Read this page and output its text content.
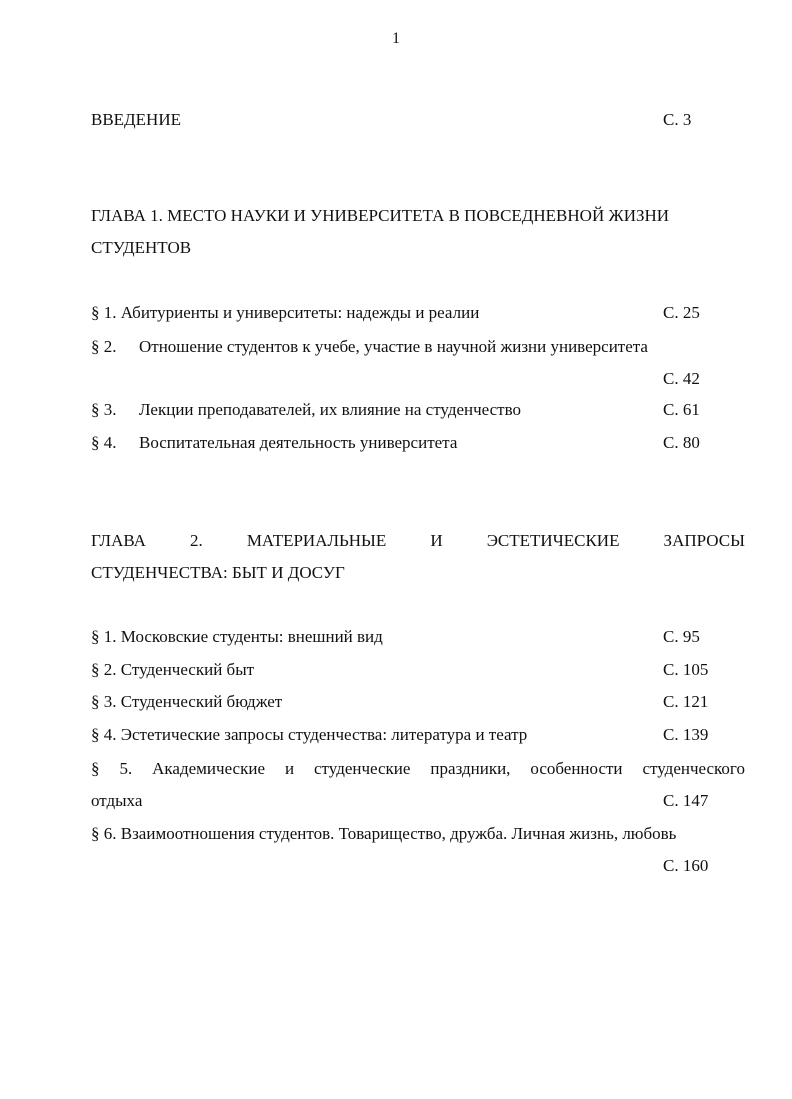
1
ВВЕДЕНИЕ	С. 3
ГЛАВА 1. МЕСТО НАУКИ И УНИВЕРСИТЕТА В ПОВСЕДНЕВНОЙ ЖИЗНИ
СТУДЕНТОВ
§ 1. Абитуриенты и университеты: надежды и реалии	С. 25
§ 2. Отношение студентов к учебе, участие в научной жизни университета
С. 42
§ 3. Лекции преподавателей, их влияние на студенчество	С. 61
§ 4. Воспитательная деятельность университета	С. 80
ГЛАВА	2.	МАТЕРИАЛЬНЫЕ	И	ЭСТЕТИЧЕСКИЕ	ЗАПРОСЫ
СТУДЕНЧЕСТВА: БЫТ И ДОСУГ
§ 1. Московские студенты: внешний вид	С. 95
§ 2. Студенческий быт	С. 105
§ 3. Студенческий бюджет	С. 121
§ 4. Эстетические запросы студенчества: литература и театр	С. 139
§ 5. Академические и студенческие праздники, особенности студенческого
отдыха	С. 147
§ 6. Взаимоотношения студентов. Товарищество, дружба. Личная жизнь, любовь
С. 160
